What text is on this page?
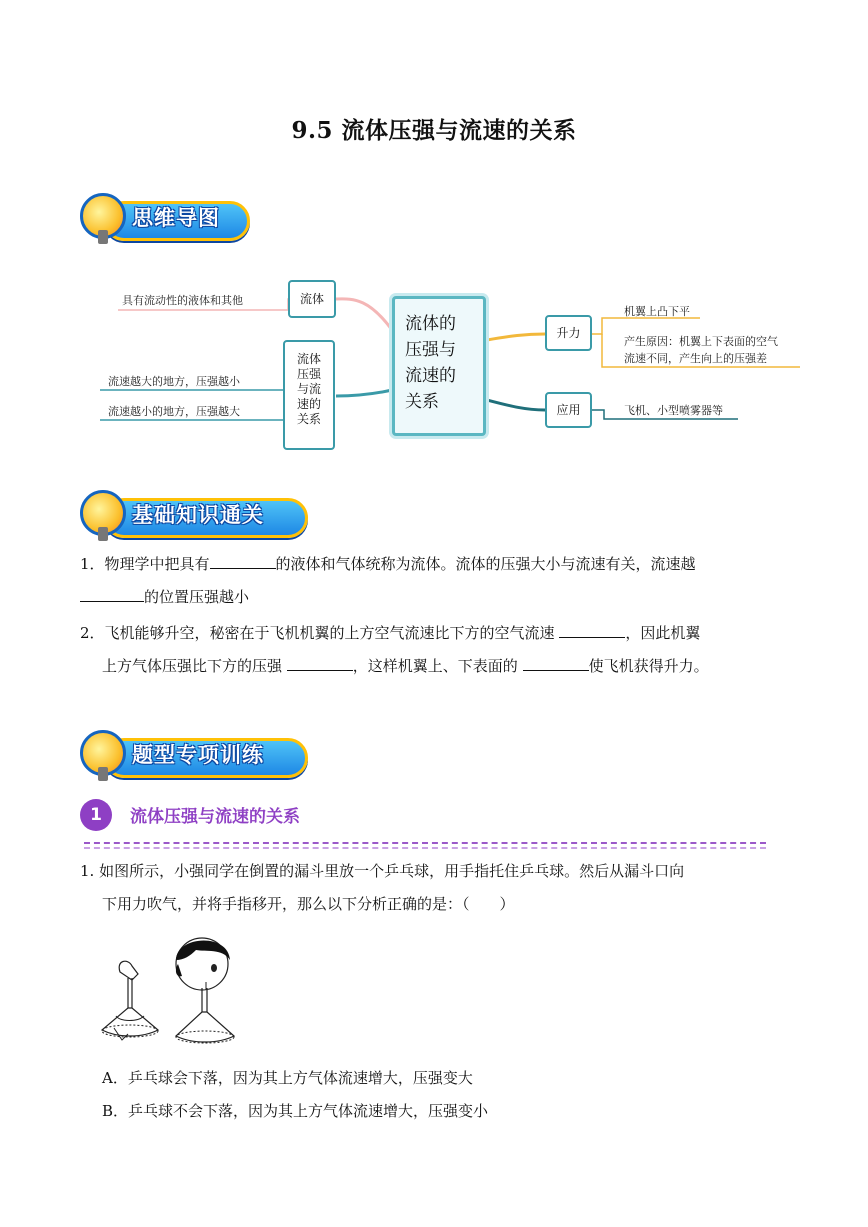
9.5 流体压强与流速的关系
思维导图
具有流动性的液体和其他	流体
流体
压强
与流
速的
关系
流速越大的地方，压强越小
流速越小的地方，压强越大
流体的
压强与
流速的
关系
升力
机翼上凸下平
产生原因：机翼上下表面的空气
流速不同，产生向上的压强差
应用	飞机、小型喷雾器等
基础知识通关
1．物理学中把具有	的液体和气体统称为流体。流体的压强大小与流速有关，流速越
的位置压强越小
2．飞机能够升空，秘密在于飞机机翼的上方空气流速比下方的空气流速	，因此机翼
上方气体压强比下方的压强	，这样机翼上、下表面的	使飞机获得升力。
题型专项训练
1	流体压强与流速的关系
1. 如图所示，小强同学在倒置的漏斗里放一个乒乓球，用手指托住乒乓球。然后从漏斗口向
下用力吹气，并将手指移开，那么以下分析正确的是：（　　）
A．乒乓球会下落，因为其上方气体流速增大，压强变大
B．乒乓球不会下落，因为其上方气体流速增大，压强变小
